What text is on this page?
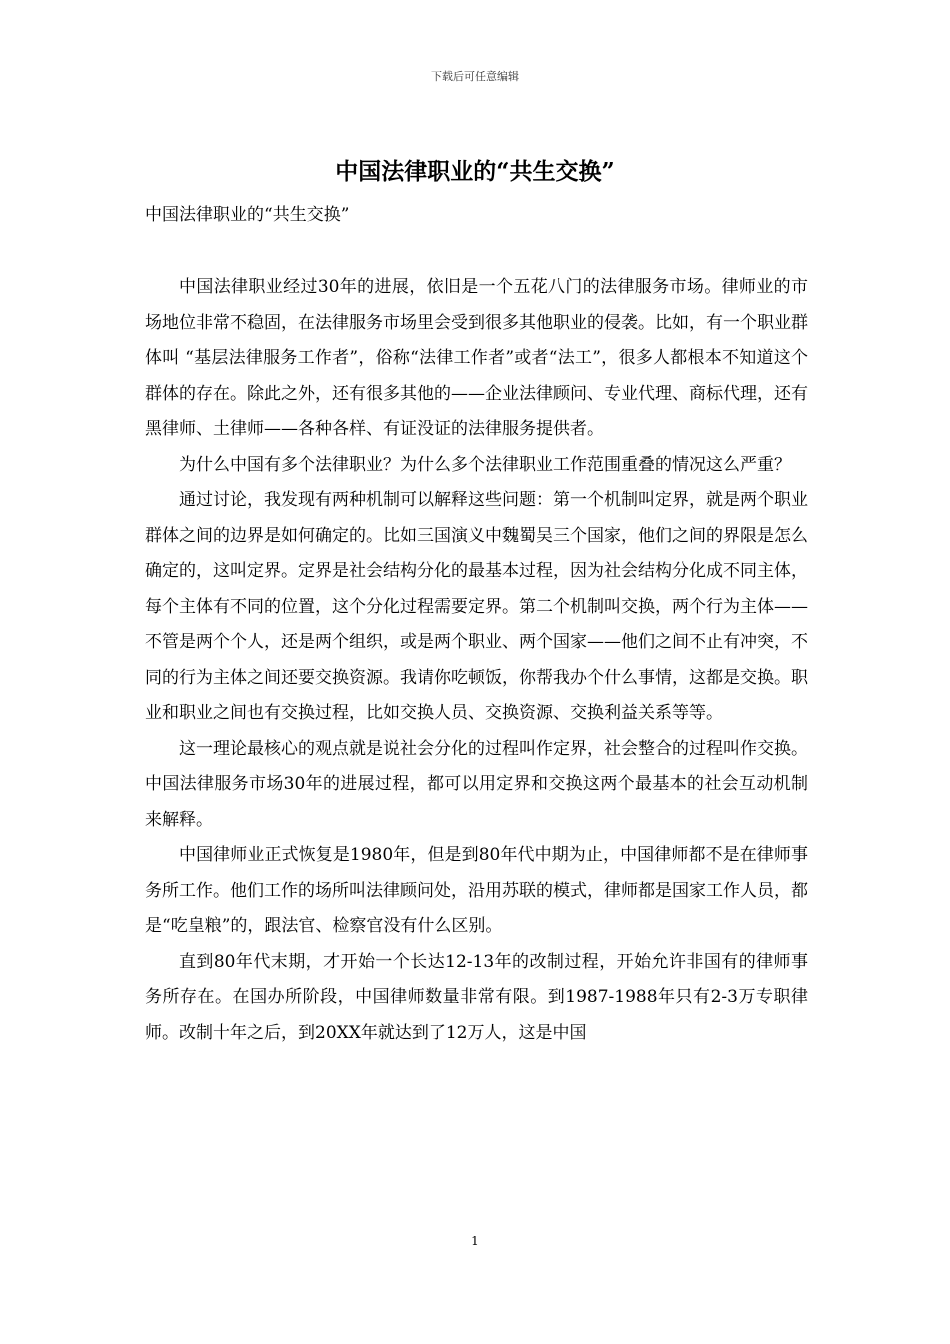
下载后可任意编辑
中国法律职业的“共生交换”
中国法律职业的“共生交换”

中国法律职业经过30年的进展，依旧是一个五花八门的法律服务市场。律师业的市场地位非常不稳固，在法律服务市场里会受到很多其他职业的侵袭。比如，有一个职业群体叫 “基层法律服务工作者”，俗称“法律工作者”或者“法工”，很多人都根本不知道这个群体的存在。除此之外，还有很多其他的——企业法律顾问、专业代理、商标代理，还有黑律师、土律师——各种各样、有证没证的法律服务提供者。

为什么中国有多个法律职业？为什么多个法律职业工作范围重叠的情况这么严重？

通过讨论，我发现有两种机制可以解释这些问题：第一个机制叫定界，就是两个职业群体之间的边界是如何确定的。比如三国演义中魏蜀吴三个国家，他们之间的界限是怎么确定的，这叫定界。定界是社会结构分化的最基本过程，因为社会结构分化成不同主体，每个主体有不同的位置，这个分化过程需要定界。第二个机制叫交换，两个行为主体——不管是两个个人，还是两个组织，或是两个职业、两个国家——他们之间不止有冲突，不同的行为主体之间还要交换资源。我请你吃顿饭，你帮我办个什么事情，这都是交换。职业和职业之间也有交换过程，比如交换人员、交换资源、交换利益关系等等。

这一理论最核心的观点就是说社会分化的过程叫作定界，社会整合的过程叫作交换。中国法律服务市场30年的进展过程，都可以用定界和交换这两个最基本的社会互动机制来解释。

中国律师业正式恢复是1980年，但是到80年代中期为止，中国律师都不是在律师事务所工作。他们工作的场所叫法律顾问处，沿用苏联的模式，律师都是国家工作人员，都是“吃皇粮”的，跟法官、检察官没有什么区别。

直到80年代末期，才开始一个长达12-13年的改制过程，开始允许非国有的律师事务所存在。在国办所阶段，中国律师数量非常有限。到1987-1988年只有2-3万专职律师。改制十年之后，到20XX年就达到了12万人，这是中国

1
